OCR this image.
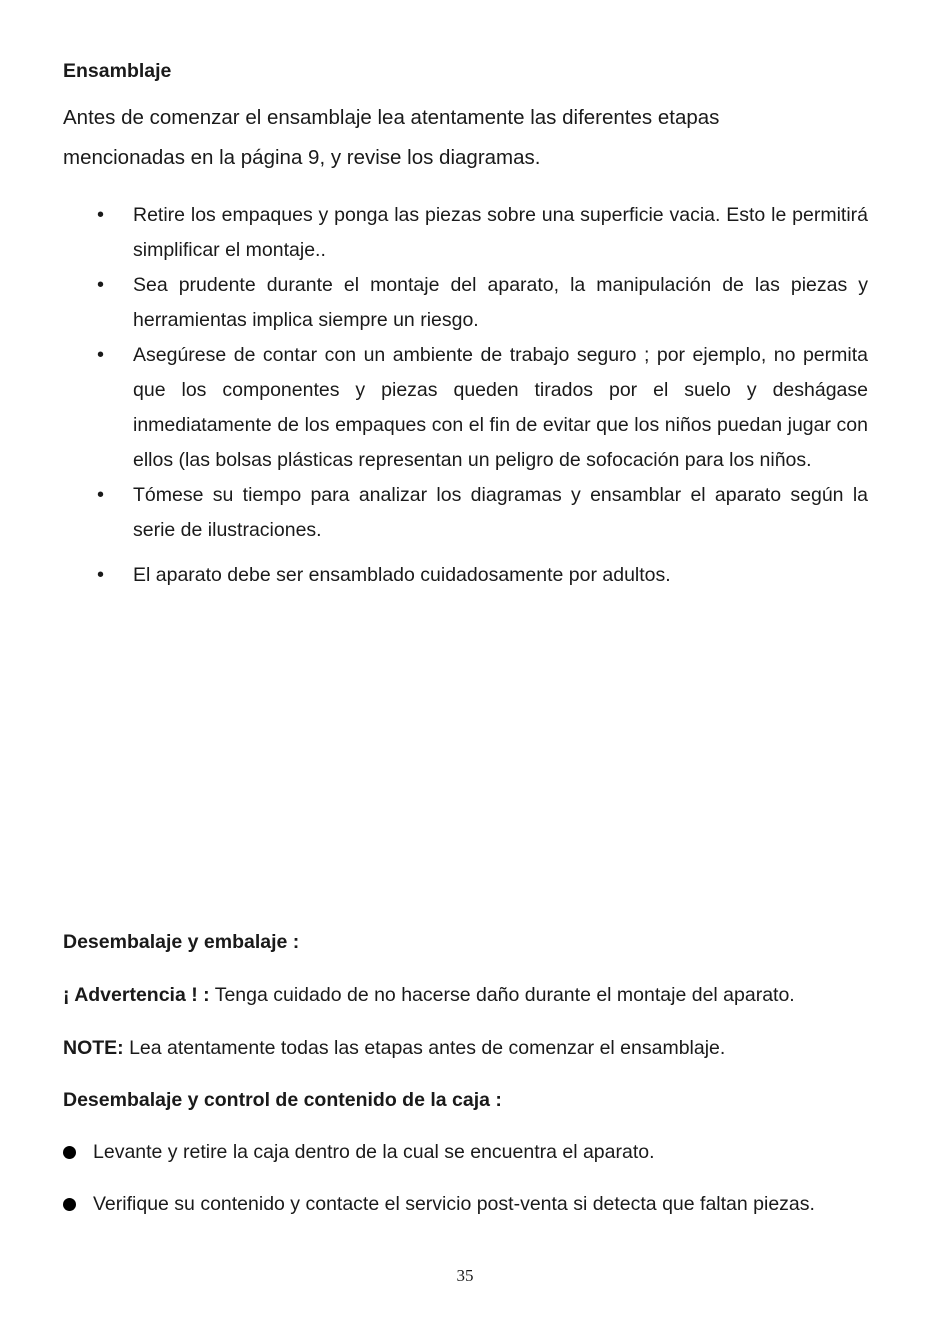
Ensamblaje
Antes de comenzar el ensamblaje lea atentamente las diferentes etapas
mencionadas en la página 9, y revise los diagramas.
• Retire los empaques y ponga las piezas sobre una superficie vacia. Esto le permitirá simplificar el montaje..
• Sea prudente durante el montaje del aparato, la manipulación de las piezas y herramientas implica siempre un riesgo.
• Asegúrese de contar con un ambiente de trabajo seguro ; por ejemplo, no permita que los componentes y piezas queden tirados por el suelo y deshágase inmediatamente de los empaques con el fin de evitar que los niños puedan jugar con ellos (las bolsas plásticas representan un peligro de sofocación para los niños.
• Tómese su tiempo para analizar los diagramas y ensamblar el aparato según la serie de ilustraciones.
• El aparato debe ser ensamblado cuidadosamente por adultos.
Desembalaje y embalaje :
¡ Advertencia ! : Tenga cuidado de no hacerse daño durante el montaje del aparato.
NOTE: Lea atentamente todas las etapas antes de comenzar el ensamblaje.
Desembalaje y control de contenido de la caja :
Levante y retire la caja dentro de la cual se encuentra el aparato.
Verifique su contenido y contacte el servicio post-venta si detecta que faltan piezas.
35
